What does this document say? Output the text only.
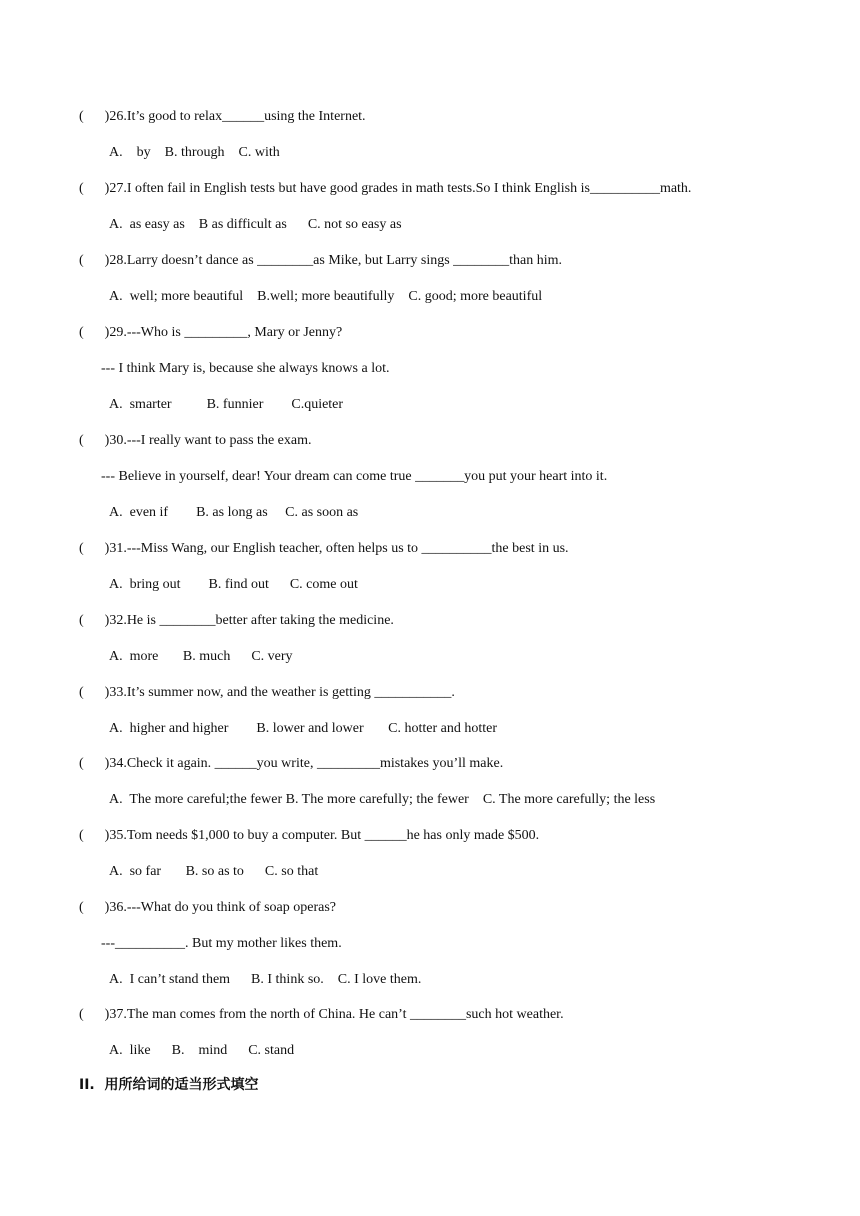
(      )26.It’s good to relax______using the Internet.
A.    by    B. through    C. with
(      )27.I often fail in English tests but have good grades in math tests.So I think English is__________math.
A.  as easy as    B as difficult as      C. not so easy as
(      )28.Larry doesn’t dance as ________as Mike, but Larry sings ________than him.
A.  well; more beautiful    B.well; more beautifully    C. good; more beautiful
(      )29.---Who is _________, Mary or Jenny?
--- I think Mary is, because she always knows a lot.
A.  smarter          B. funnier        C.quieter
(      )30.---I really want to pass the exam.
--- Believe in yourself, dear! Your dream can come true _______you put your heart into it.
A.  even if        B. as long as     C. as soon as
(      )31.---Miss Wang, our English teacher, often helps us to __________the best in us.
A.  bring out        B. find out      C. come out
(      )32.He is ________better after taking the medicine.
A.  more       B. much      C. very
(      )33.It’s summer now, and the weather is getting ___________.
A.  higher and higher        B. lower and lower       C. hotter and hotter
(      )34.Check it again. ______you write, _________mistakes you’ll make.
A.  The more careful;the fewer B. The more carefully; the fewer    C. The more carefully; the less
(      )35.Tom needs $1,000 to buy a computer. But ______he has only made $500.
A.  so far       B. so as to      C. so that
(      )36.---What do you think of soap operas?
---__________. But my mother likes them.
A.  I can’t stand them      B. I think so.    C. I love them.
(      )37.The man comes from the north of China. He can’t ________such hot weather.
A.  like      B.    mind      C. stand
II.  用所给词的适当形式填空
